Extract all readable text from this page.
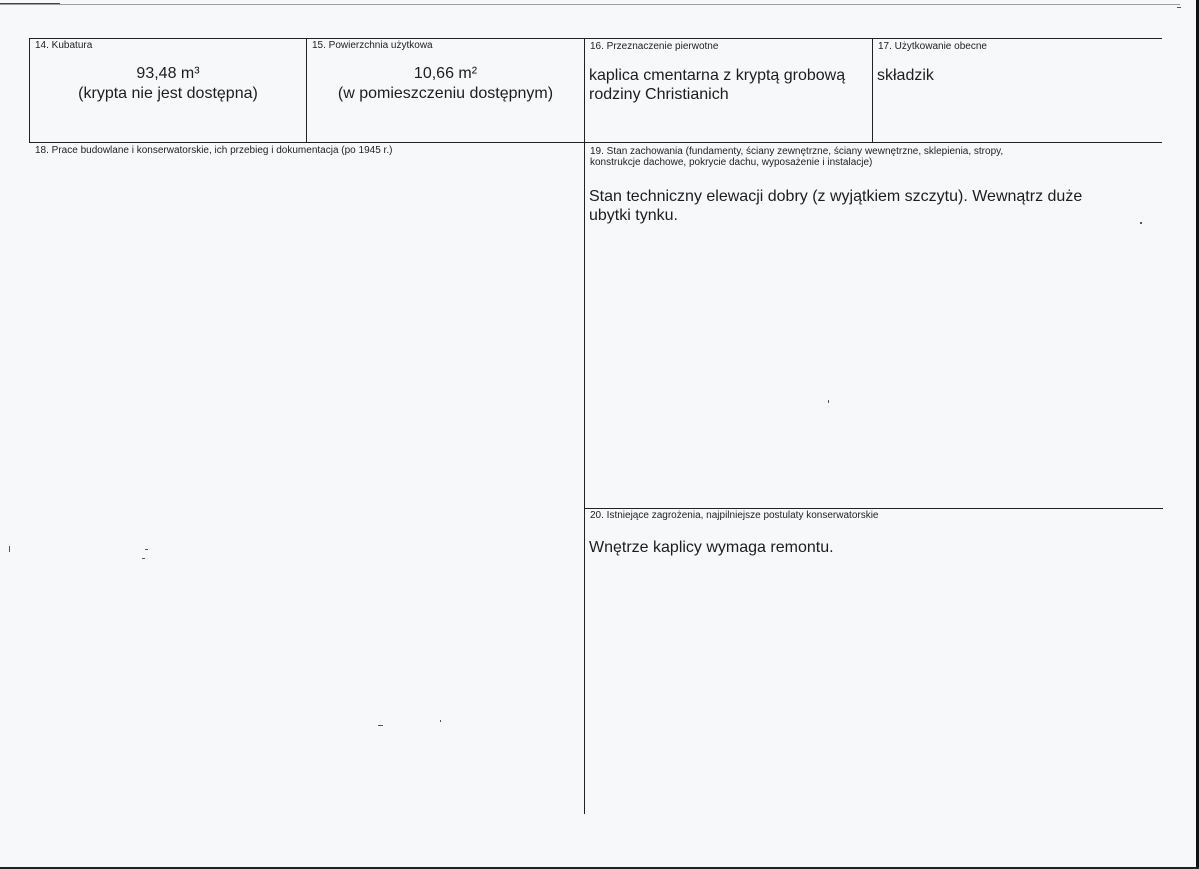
14. Kubatura
93,48 m³
(krypta nie jest dostępna)
15. Powierzchnia użytkowa
10,66 m²
(w pomieszczeniu dostępnym)
16. Przeznaczenie pierwotne
kaplica cmentarna z kryptą grobową
rodziny Christianich
17. Użytkowanie obecne
składzik
18. Prace budowlane i konserwatorskie, ich przebieg i dokumentacja (po 1945 r.)	19. Stan zachowania (fundamenty, ściany zewnętrzne, ściany wewnętrzne, sklepienia, stropy,
konstrukcje dachowe, pokrycie dachu, wyposażenie i instalacje)
Stan techniczny elewacji dobry (z wyjątkiem szczytu). Wewnątrz duże
ubytki tynku.
20. Istniejące zagrożenia, najpilniejsze postulaty konserwatorskie
Wnętrze kaplicy wymaga remontu.
